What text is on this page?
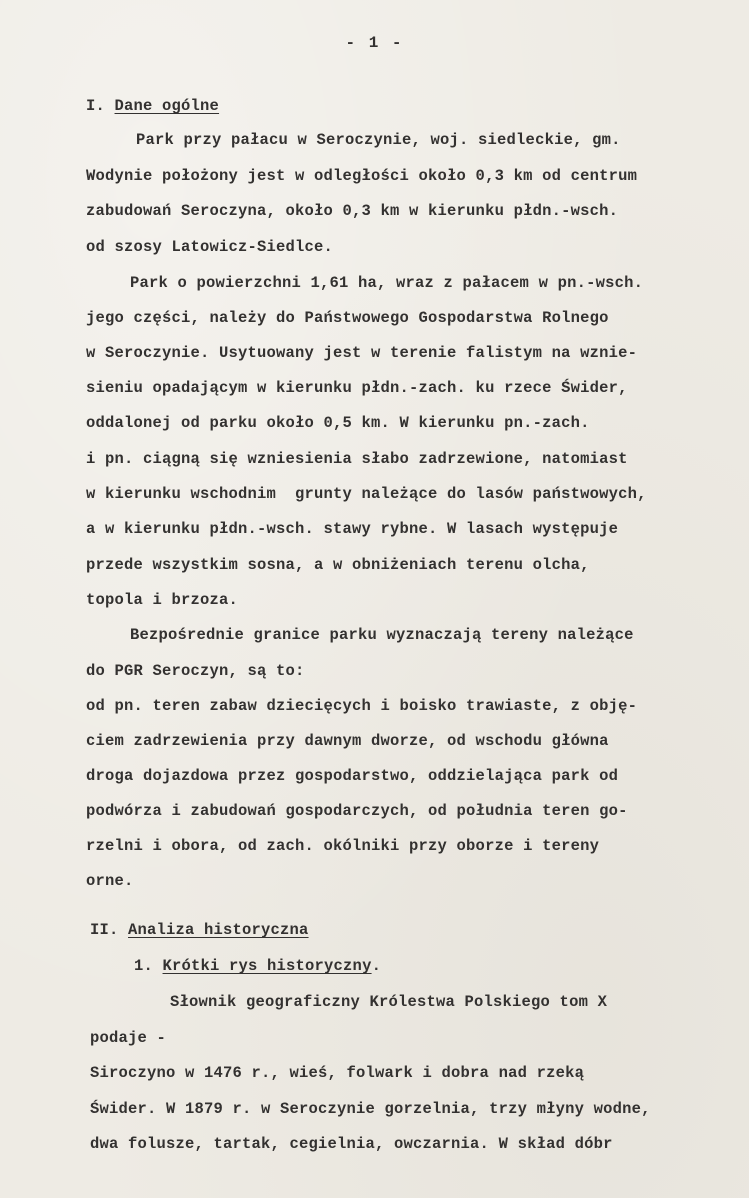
- 1 -
I. Dane ogólne
Park przy pałacu w Seroczynie, woj. siedleckie, gm.
Wodynie położony jest w odległości około 0,3 km od centrum
zabudowań Seroczyna, około 0,3 km w kierunku płdn.-wsch.
od szosy Latowicz-Siedlce.
Park o powierzchni 1,61 ha, wraz z pałacem w pn.-wsch.
jego części, należy do Państwowego Gospodarstwa Rolnego
w Seroczynie. Usytuowany jest w terenie falistym na wznie-
sieniu opadającym w kierunku płdn.-zach. ku rzece Świder,
oddalonej od parku około 0,5 km. W kierunku pn.-zach.
i pn. ciągną się wzniesienia słabo zadrzewione, natomiast
w kierunku wschodnim  grunty należące do lasów państwowych,
a w kierunku płdn.-wsch. stawy rybne. W lasach występuje
przede wszystkim sosna, a w obniżeniach terenu olcha,
topola i brzoza.
Bezpośrednie granice parku wyznaczają tereny należące
do PGR Seroczyn, są to:
od pn. teren zabaw dziecięcych i boisko trawiaste, z obję-
ciem zadrzewienia przy dawnym dworze, od wschodu główna
droga dojazdowa przez gospodarstwo, oddzielająca park od
podwórza i zabudowań gospodarczych, od południa teren go-
rzelni i obora, od zach. okólniki przy oborze i tereny
orne.
II. Analiza historyczna
1. Krótki rys historyczny.
Słownik geograficzny Królestwa Polskiego tom X
podaje -
Siroczyno w 1476 r., wieś, folwark i dobra nad rzeką
Świder. W 1879 r. w Seroczynie gorzelnia, trzy młyny wodne,
dwa folusze, tartak, cegielnia, owczarnia. W skład dóbr
